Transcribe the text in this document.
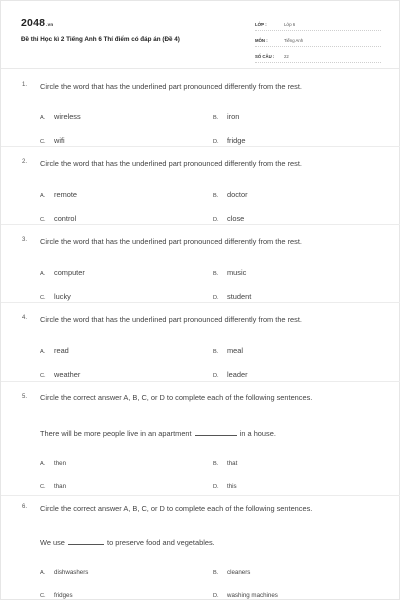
2048.vn
Đề thi Học kì 2 Tiếng Anh 6 Thí điểm có đáp án (Đề 4)
LỚP :	Lớp 6
MÔN :	Tiếng Anh
SỐ CÂU :	22
1. Circle the word that has the underlined part pronounced differently from the rest.
A. wireless	B. iron
C. wifi	D. fridge
2. Circle the word that has the underlined part pronounced differently from the rest.
A. remote	B. doctor
C. control	D. close
3. Circle the word that has the underlined part pronounced differently from the rest.
A. computer	B. music
C. lucky	D. student
4. Circle the word that has the underlined part pronounced differently from the rest.
A. read	B. meal
C. weather	D. leader
5. Circle the correct answer A, B, C, or D to complete each of the following sentences.
There will be more people live in an apartment	in a house.
A. then	B. that
C. than	D. this
6. Circle the correct answer A, B, C, or D to complete each of the following sentences.
We use	to preserve food and vegetables.
A. dishwashers	B. cleaners
C. fridges	D. washing machines
